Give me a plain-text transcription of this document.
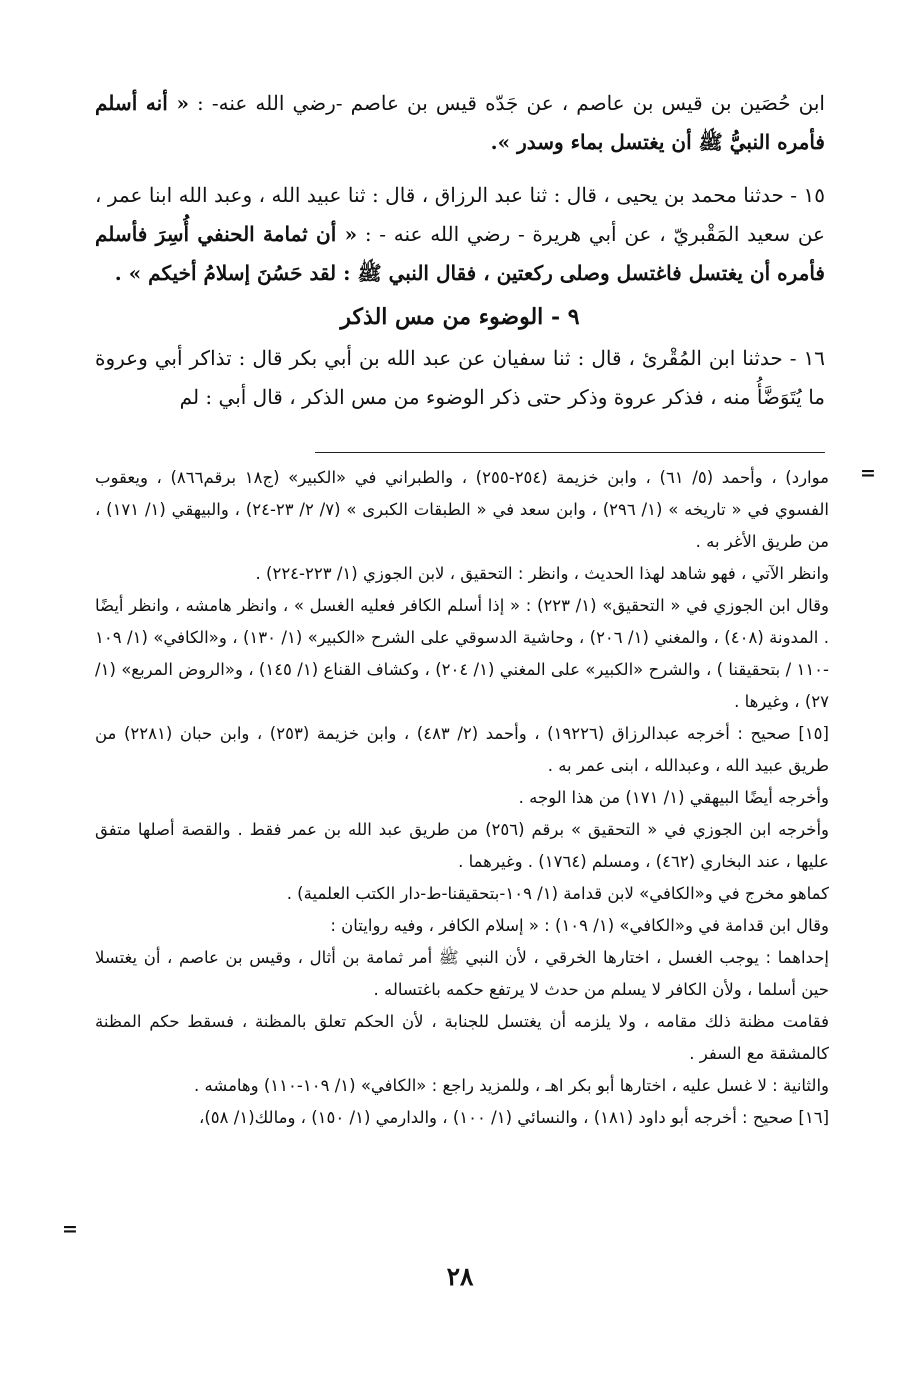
ابن حُصَين بن قيس بن عاصم ، عن جَدّه قيس بن عاصم -رضي الله عنه- : « أنه أسلم فأمره النبيُّ ﷺ أن يغتسل بماء وسدر ».

١٥ - حدثنا محمد بن يحيى ، قال : ثنا عبد الرزاق ، قال : ثنا عبيد الله ، وعبد الله ابنا عمر ، عن سعيد المَقْبريّ ، عن أبي هريرة - رضي الله عنه - : « أن ثمامة الحنفي أُسِرَ فأسلم فأمره أن يغتسل فاغتسل وصلى ركعتين ، فقال النبي ﷺ : لقد حَسُنَ إسلامُ أخيكم » .

٩ - الوضوء من مس الذكر

١٦ - حدثنا ابن المُقْرئ ، قال : ثنا سفيان عن عبد الله بن أبي بكر قال : تذاكر أبي وعروة ما يُتَوَضَّأُ منه ، فذكر عروة وذكر حتى ذكر الوضوء من مس الذكر ، قال أبي : لم

=

موارد) ، وأحمد (٥/ ٦١) ، وابن خزيمة (٢٥٤-٢٥٥) ، والطبراني في «الكبير» (ج١٨ برقم٨٦٦) ، ويعقوب الفسوي في « تاريخه » (١/ ٢٩٦) ، وابن سعد في « الطبقات الكبرى » (٧/ ٢/ ٢٣-٢٤) ، والبيهقي (١/ ١٧١) ، من طريق الأغر به .

وانظر الآتي ، فهو شاهد لهذا الحديث ، وانظر : التحقيق ، لابن الجوزي (١/ ٢٢٣-٢٢٤) .

وقال ابن الجوزي في « التحقيق» (١/ ٢٢٣) : « إذا أسلم الكافر فعليه الغسل » ، وانظر هامشه ، وانظر أيضًا . المدونة (٤٠٨) ، والمغني (١/ ٢٠٦) ، وحاشية الدسوقي على الشرح «الكبير» (١/ ١٣٠) ، و«الكافي» (١/ ١٠٩ -١١٠ / بتحقيقنا ) ، والشرح «الكبير» على المغني (١/ ٢٠٤) ، وكشاف القناع (١/ ١٤٥) ، و«الروض المربع» (١/ ٢٧) ، وغيرها .

[١٥] صحيح : أخرجه عبدالرزاق (١٩٢٢٦) ، وأحمد (٢/ ٤٨٣) ، وابن خزيمة (٢٥٣) ، وابن حبان (٢٢٨١) من طريق عبيد الله ، وعبدالله ، ابنى عمر به .

وأخرجه أيضًا البيهقي (١/ ١٧١) من هذا الوجه .

وأخرجه ابن الجوزي في « التحقيق » برقم (٢٥٦) من طريق عبد الله بن عمر فقط . والقصة أصلها متفق عليها ، عند البخاري (٤٦٢) ، ومسلم (١٧٦٤) . وغيرهما .

كماهو مخرج في و«الكافي» لابن قدامة (١/ ١٠٩-بتحقيقنا-ط-دار الكتب العلمية) .

وقال ابن قدامة في و«الكافي» (١/ ١٠٩) : « إسلام الكافر ، وفيه روايتان :

إحداهما : يوجب الغسل ، اختارها الخرقي ، لأن النبي ﷺ أمر ثمامة بن أثال ، وقيس بن عاصم ، أن يغتسلا حين أسلما ، ولأن الكافر لا يسلم من حدث لا يرتفع حكمه باغتساله .

فقامت مظنة ذلك مقامه ، ولا يلزمه أن يغتسل للجنابة ، لأن الحكم تعلق بالمظنة ، فسقط حكم المظنة كالمشقة مع السفر .

والثانية : لا غسل عليه ، اختارها أبو بكر اهـ ، وللمزيد راجع : «الكافي» (١/ ١٠٩-١١٠) وهامشه .

[١٦] صحيح : أخرجه أبو داود (١٨١) ، والنسائي (١/ ١٠٠) ، والدارمي (١/ ١٥٠) ، ومالك(١/ ٥٨)،

=
٢٨
